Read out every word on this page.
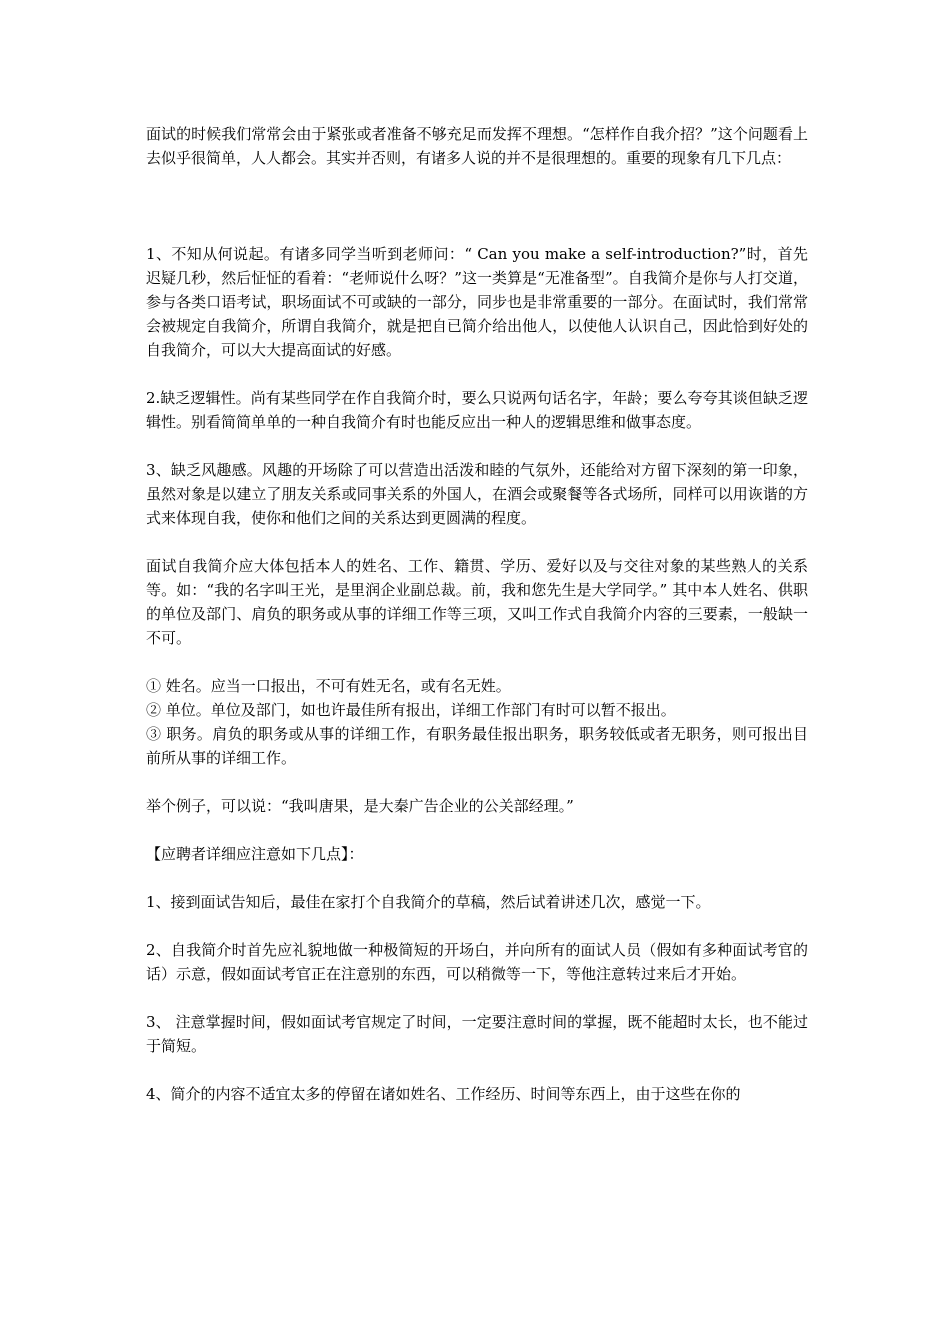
面试的时候我们常常会由于紧张或者准备不够充足而发挥不理想。“怎样作自我介招？”这个问题看上去似乎很简单，人人都会。其实并否则，有诸多人说的并不是很理想的。重要的现象有几下几点：

1、不知从何说起。有诸多同学当听到老师问：“ Can you make a self-introduction?”时，首先迟疑几秒，然后怔怔的看着：“老师说什么呀？”这一类算是“无准备型”。自我简介是你与人打交道，参与各类口语考试，职场面试不可或缺的一部分，同步也是非常重要的一部分。在面试时，我们常常会被规定自我简介，所谓自我简介，就是把自已简介给出他人，以使他人认识自己，因此恰到好处的自我简介，可以大大提高面试的好感。

2.缺乏逻辑性。尚有某些同学在作自我简介时，要么只说两句话名字，年龄；要么夸夸其谈但缺乏逻辑性。别看简简单单的一种自我简介有时也能反应出一种人的逻辑思维和做事态度。

3、缺乏风趣感。风趣的开场除了可以营造出活泼和睦的气氛外，还能给对方留下深刻的第一印象，虽然对象是以建立了朋友关系或同事关系的外国人，在酒会或聚餐等各式场所，同样可以用诙谐的方式来体现自我，使你和他们之间的关系达到更圆满的程度。

面试自我简介应大体包括本人的姓名、工作、籍贯、学历、爱好以及与交往对象的某些熟人的关系等。如：“我的名字叫王光，是里润企业副总裁。前，我和您先生是大学同学。” 其中本人姓名、供职的单位及部门、肩负的职务或从事的详细工作等三项，又叫工作式自我简介内容的三要素，一般缺一不可。

① 姓名。应当一口报出，不可有姓无名，或有名无姓。

② 单位。单位及部门，如也许最佳所有报出，详细工作部门有时可以暂不报出。

③ 职务。肩负的职务或从事的详细工作，有职务最佳报出职务，职务较低或者无职务，则可报出目前所从事的详细工作。

举个例子，可以说：“我叫唐果，是大秦广告企业的公关部经理。”

【应聘者详细应注意如下几点】：

1、接到面试告知后，最佳在家打个自我简介的草稿，然后试着讲述几次，感觉一下。

2、自我简介时首先应礼貌地做一种极简短的开场白，并向所有的面试人员（假如有多种面试考官的话）示意，假如面试考官正在注意别的东西，可以稍微等一下，等他注意转过来后才开始。

3、 注意掌握时间，假如面试考官规定了时间，一定要注意时间的掌握，既不能超时太长，也不能过于简短。

4、简介的内容不适宜太多的停留在诸如姓名、工作经历、时间等东西上，由于这些在你的
